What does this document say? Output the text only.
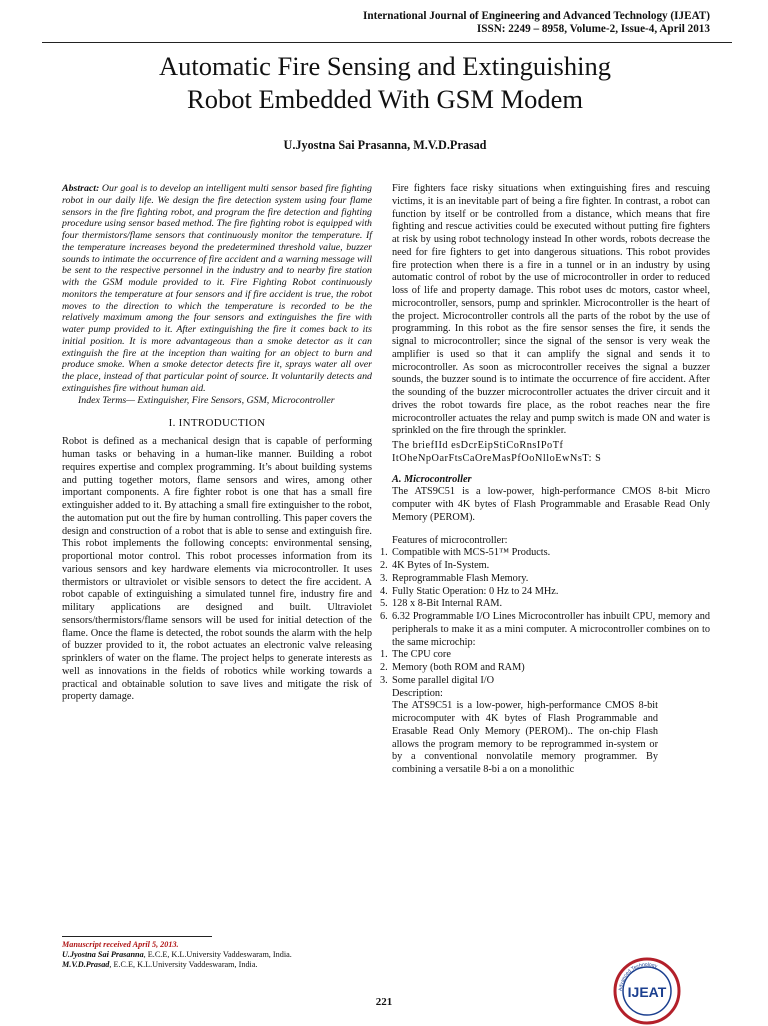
International Journal of Engineering and Advanced Technology (IJEAT)
ISSN: 2249 – 8958, Volume-2, Issue-4, April 2013
Automatic Fire Sensing and Extinguishing
Robot Embedded With GSM Modem
U.Jyostna Sai Prasanna, M.V.D.Prasad

Abstract: Our goal is to develop an intelligent multi sensor based fire fighting robot in our daily life. We design the fire detection system using four flame sensors in the fire fighting robot, and program the fire detection and fighting procedure using sensor based method. The fire fighting robot is equipped with four thermistors/flame sensors that continuously monitor the temperature. If the temperature increases beyond the predetermined threshold value, buzzer sounds to intimate the occurrence of fire accident and a warning message will be sent to the respective personnel in the industry and to nearby fire station with the GSM module provided to it. Fire Fighting Robot continuously monitors the temperature at four sensors and if fire accident is true, the robot moves to the direction to which the temperature is recorded to be the relatively maximum among the four sensors and extinguishes the fire with water pump provided to it. After extinguishing the fire it comes back to its initial position. It is more advantageous than a smoke detector as it can extinguish the fire at the inception than waiting for an object to burn and produce smoke. When a smoke detector detects fire it, sprays water all over the place, instead of that particular point of source. It voluntarily detects and extinguishes fire without human aid.

Index Terms— Extinguisher, Fire Sensors, GSM, Microcontroller

I. INTRODUCTION

Robot is defined as a mechanical design that is capable of performing human tasks or behaving in a human-like manner. Building a robot requires expertise and complex programming. It’s about building systems and putting together motors, flame sensors and wires, among other important components. A fire fighter robot is one that has a small fire extinguisher added to it. By attaching a small fire extinguisher to the robot, the automation put out the fire by human controlling. This paper covers the design and construction of a robot that is able to sense and extinguish fire. This robot implements the following concepts: environmental sensing, proportional motor control. This robot processes information from its various sensors and key hardware elements via microcontroller. It uses thermistors or ultraviolet or visible sensors to detect the fire accident. A robot capable of extinguishing a simulated tunnel fire, industry fire and military applications are designed and built. Ultraviolet sensors/thermistors/flame sensors will be used for initial detection of the flame. Once the flame is detected, the robot sounds the alarm with the help of buzzer provided to it, the robot actuates an electronic valve releasing sprinklers of water on the flame. The project helps to generate interests as well as innovations in the fields of robotics while working towards a practical and obtainable solution to save lives and mitigate the risk of property damage.

Fire fighters face risky situations when extinguishing fires and rescuing victims, it is an inevitable part of being a fire fighter. In contrast, a robot can function by itself or be controlled from a distance, which means that fire fighting and rescue activities could be executed without putting fire fighters at risk by using robot technology instead In other words, robots decrease the need for fire fighters to get into dangerous situations. This robot provides fire protection when there is a fire in a tunnel or in an industry by using automatic control of robot by the use of microcontroller in order to reduced loss of life and property damage. This robot uses dc motors, castor wheel, microcontroller, sensors, pump and sprinkler. Microcontroller is the heart of the project. Microcontroller controls all the parts of the robot by the use of programming. In this robot as the fire sensor senses the fire, it sends the signal to microcontroller; since the signal of the sensor is very weak the amplifier is used so that it can amplify the signal and sends it to microcontroller. As soon as microcontroller receives the signal a buzzer sounds, the buzzer sound is to intimate the occurrence of fire accident. After the sounding of the buzzer microcontroller actuates the driver circuit and it drives the robot towards fire place, as the robot reaches near the fire microcontroller actuates the relay and pump switch is made ON and water is sprinkled on the fire through the sprinkler.

The briefIId esDcrEipStiCoRnsIPoTf
ItOheNpOarFtsCaOreMasPfOoNlloEwNsT: S
A. Microcontroller

The ATS9C51 is a low-power, high-performance CMOS 8-bit Micro computer with 4K bytes of Flash Programmable and Erasable Read Only Memory (PEROM).

Features of microcontroller:
1. Compatible with MCS-51™ Products.
2. 4K Bytes of In-System.
3. Reprogrammable Flash Memory.
4. Fully Static Operation: 0 Hz to 24 MHz.
5. 128 x 8-Bit Internal RAM.
6. 6.32 Programmable I/O Lines Microcontroller has inbuilt CPU, memory and peripherals to make it as a mini computer. A microcontroller combines on to the same microchip:
1. The CPU core
2. Memory (both ROM and RAM)
3. Some parallel digital I/O
Description:

The ATS9C51 is a low-power, high-performance CMOS 8-bit microcomputer with 4K bytes of Flash Programmable and Erasable Read Only Memory (PEROM).. The on-chip Flash allows the program memory to be reprogrammed in-system or by a conventional nonvolatile memory programmer. By combining a versatile 8-bi a on a monolithic

Manuscript received April 5, 2013.
U.Jyostna Sai Prasanna, E.C.E, K.L.University Vaddeswaram, India.
M.V.D.Prasad, E.C.E, K.L.University Vaddeswaram, India.
221
Advanced Technology
IJEAT
